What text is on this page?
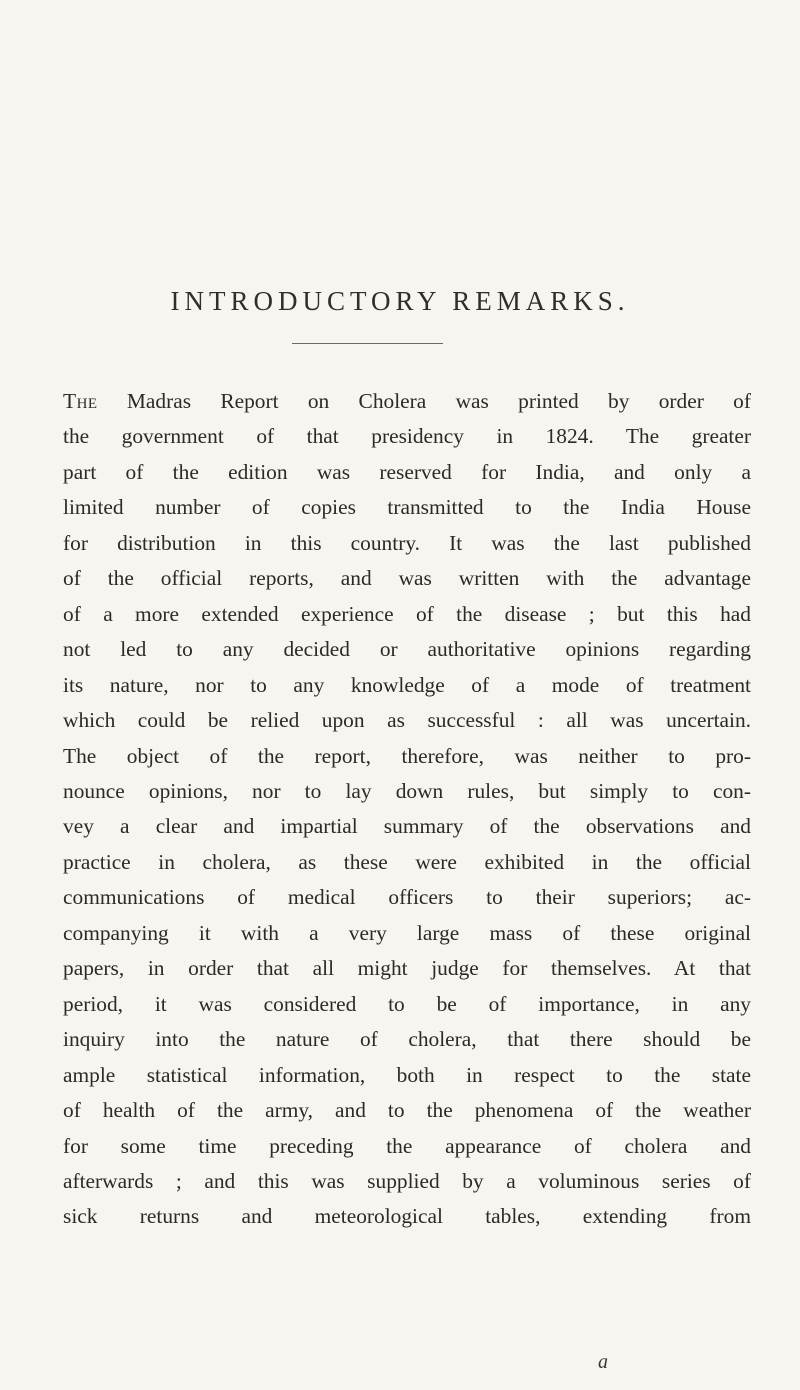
INTRODUCTORY REMARKS.
The Madras Report on Cholera was printed by order of
the government of that presidency in 1824. The greater
part of the edition was reserved for India, and only a
limited number of copies transmitted to the India House
for distribution in this country. It was the last published
of the official reports, and was written with the advantage
of a more extended experience of the disease ; but this had
not led to any decided or authoritative opinions regarding
its nature, nor to any knowledge of a mode of treatment
which could be relied upon as successful : all was uncertain.
The object of the report, therefore, was neither to pro-
nounce opinions, nor to lay down rules, but simply to con-
vey a clear and impartial summary of the observations and
practice in cholera, as these were exhibited in the official
communications of medical officers to their superiors; ac-
companying it with a very large mass of these original
papers, in order that all might judge for themselves. At that
period, it was considered to be of importance, in any
inquiry into the nature of cholera, that there should be
ample statistical information, both in respect to the state
of health of the army, and to the phenomena of the weather
for some time preceding the appearance of cholera and
afterwards ; and this was supplied by a voluminous series of
sick returns and meteorological tables, extending from
a
